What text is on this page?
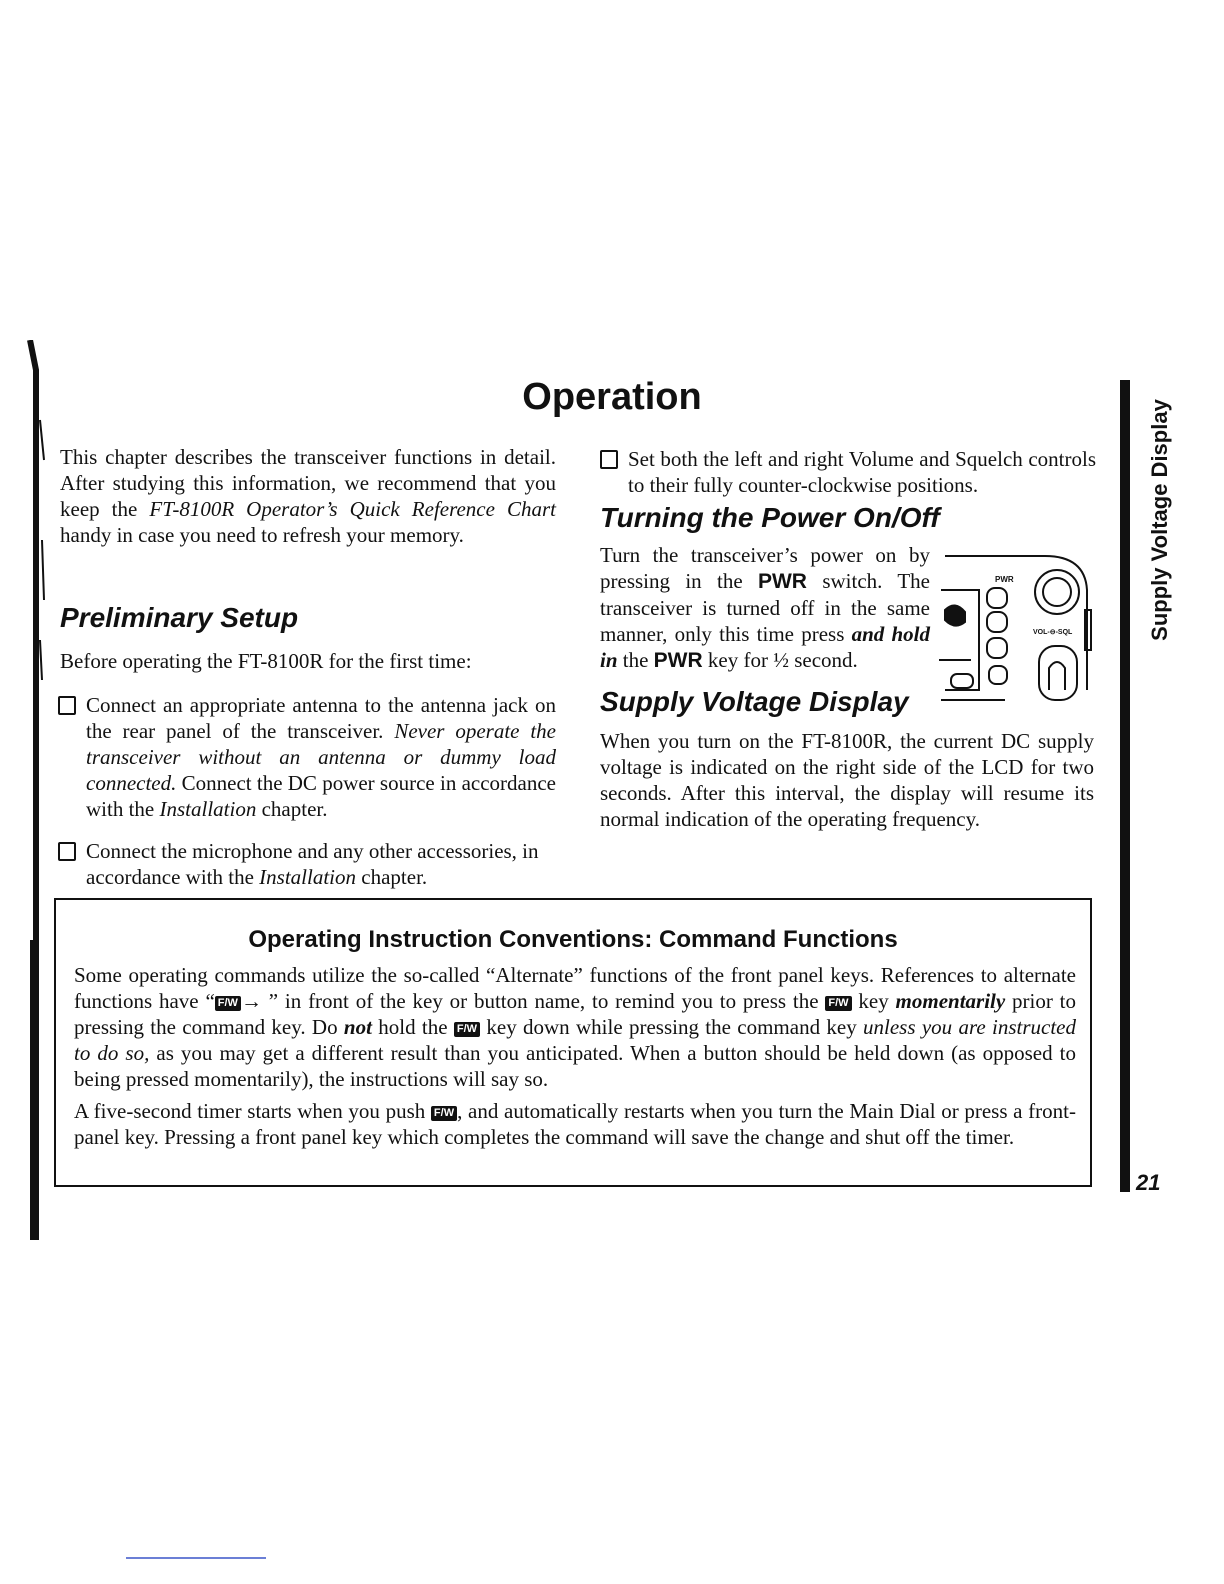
Operation
This chapter describes the transceiver functions in detail. After studying this information, we recommend that you keep the FT-8100R Operator’s Quick Reference Chart handy in case you need to refresh your memory.
Preliminary Setup
Before operating the FT-8100R for the first time:
Connect an appropriate antenna to the antenna jack on the rear panel of the transceiver. Never operate the transceiver without an antenna or dummy load connected. Connect the DC power source in accordance with the Installation chapter.
Connect the microphone and any other accessories, in accordance with the Installation chapter.
Set both the left and right Volume and Squelch controls to their fully counter-clockwise positions.
Turning the Power On/Off
Turn the transceiver’s power on by pressing in the PWR switch. The transceiver is turned off in the same manner, only this time press and hold in the PWR key for ½ second.
PWR
VOL-⊖-SQL
Supply Voltage Display
When you turn on the FT-8100R, the current DC supply voltage is indicated on the right side of the LCD for two seconds. After this interval, the display will resume its normal indication of the operating frequency.
Operating Instruction Conventions: Command Functions
Some operating commands utilize the so-called “Alternate” functions of the front panel keys. References to alternate functions have “ F/W → ” in front of the key or button name, to remind you to press the F/W key momentarily prior to pressing the command key. Do not hold the F/W key down while pressing the command key unless you are instructed to do so, as you may get a different result than you anticipated. When a button should be held down (as opposed to being pressed momentarily), the instructions will say so.
A five-second timer starts when you push F/W , and automatically restarts when you turn the Main Dial or press a front-panel key. Pressing a front panel key which completes the command will save the change and shut off the timer.
Supply Voltage Display
21
